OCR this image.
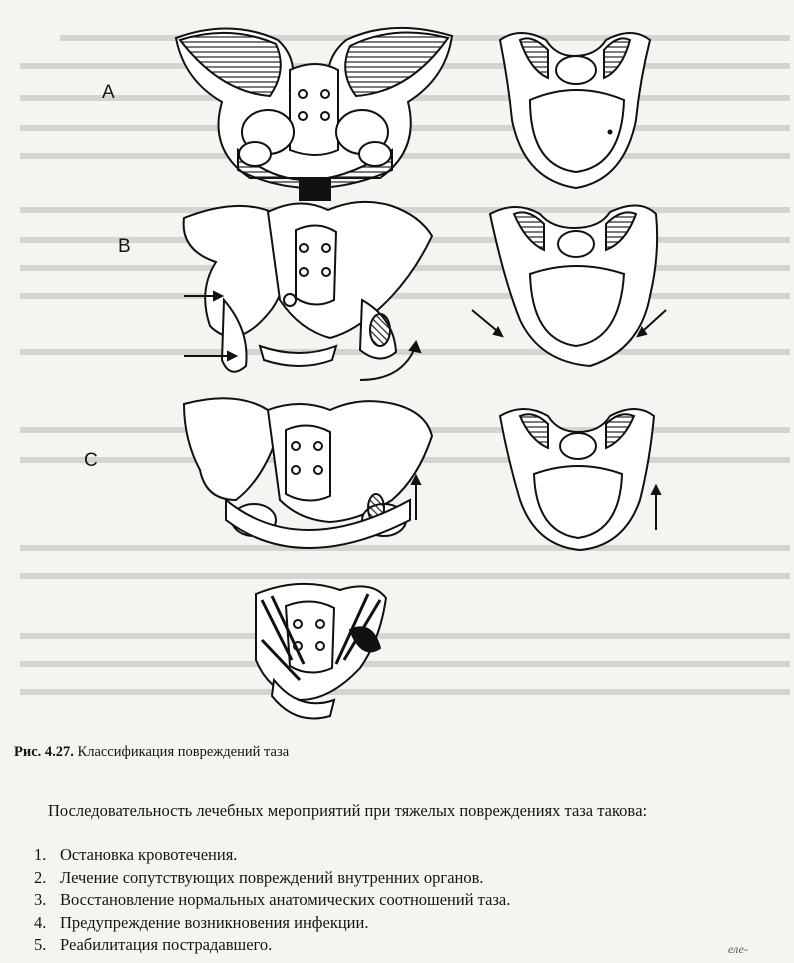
A
B
C
Рис. 4.27. Классификация повреждений таза

Последовательность лечебных мероприятий при тяжелых повреждениях таза таковa:

1. Остановка кровотечения.
2. Лечение сопутствующих повреждений внутренних органов.
3. Восстановление нормальных анатомических соотношений таза.
4. Предупреждение возникновения инфекции.
5. Реабилитация пострадавшего.	еле-
